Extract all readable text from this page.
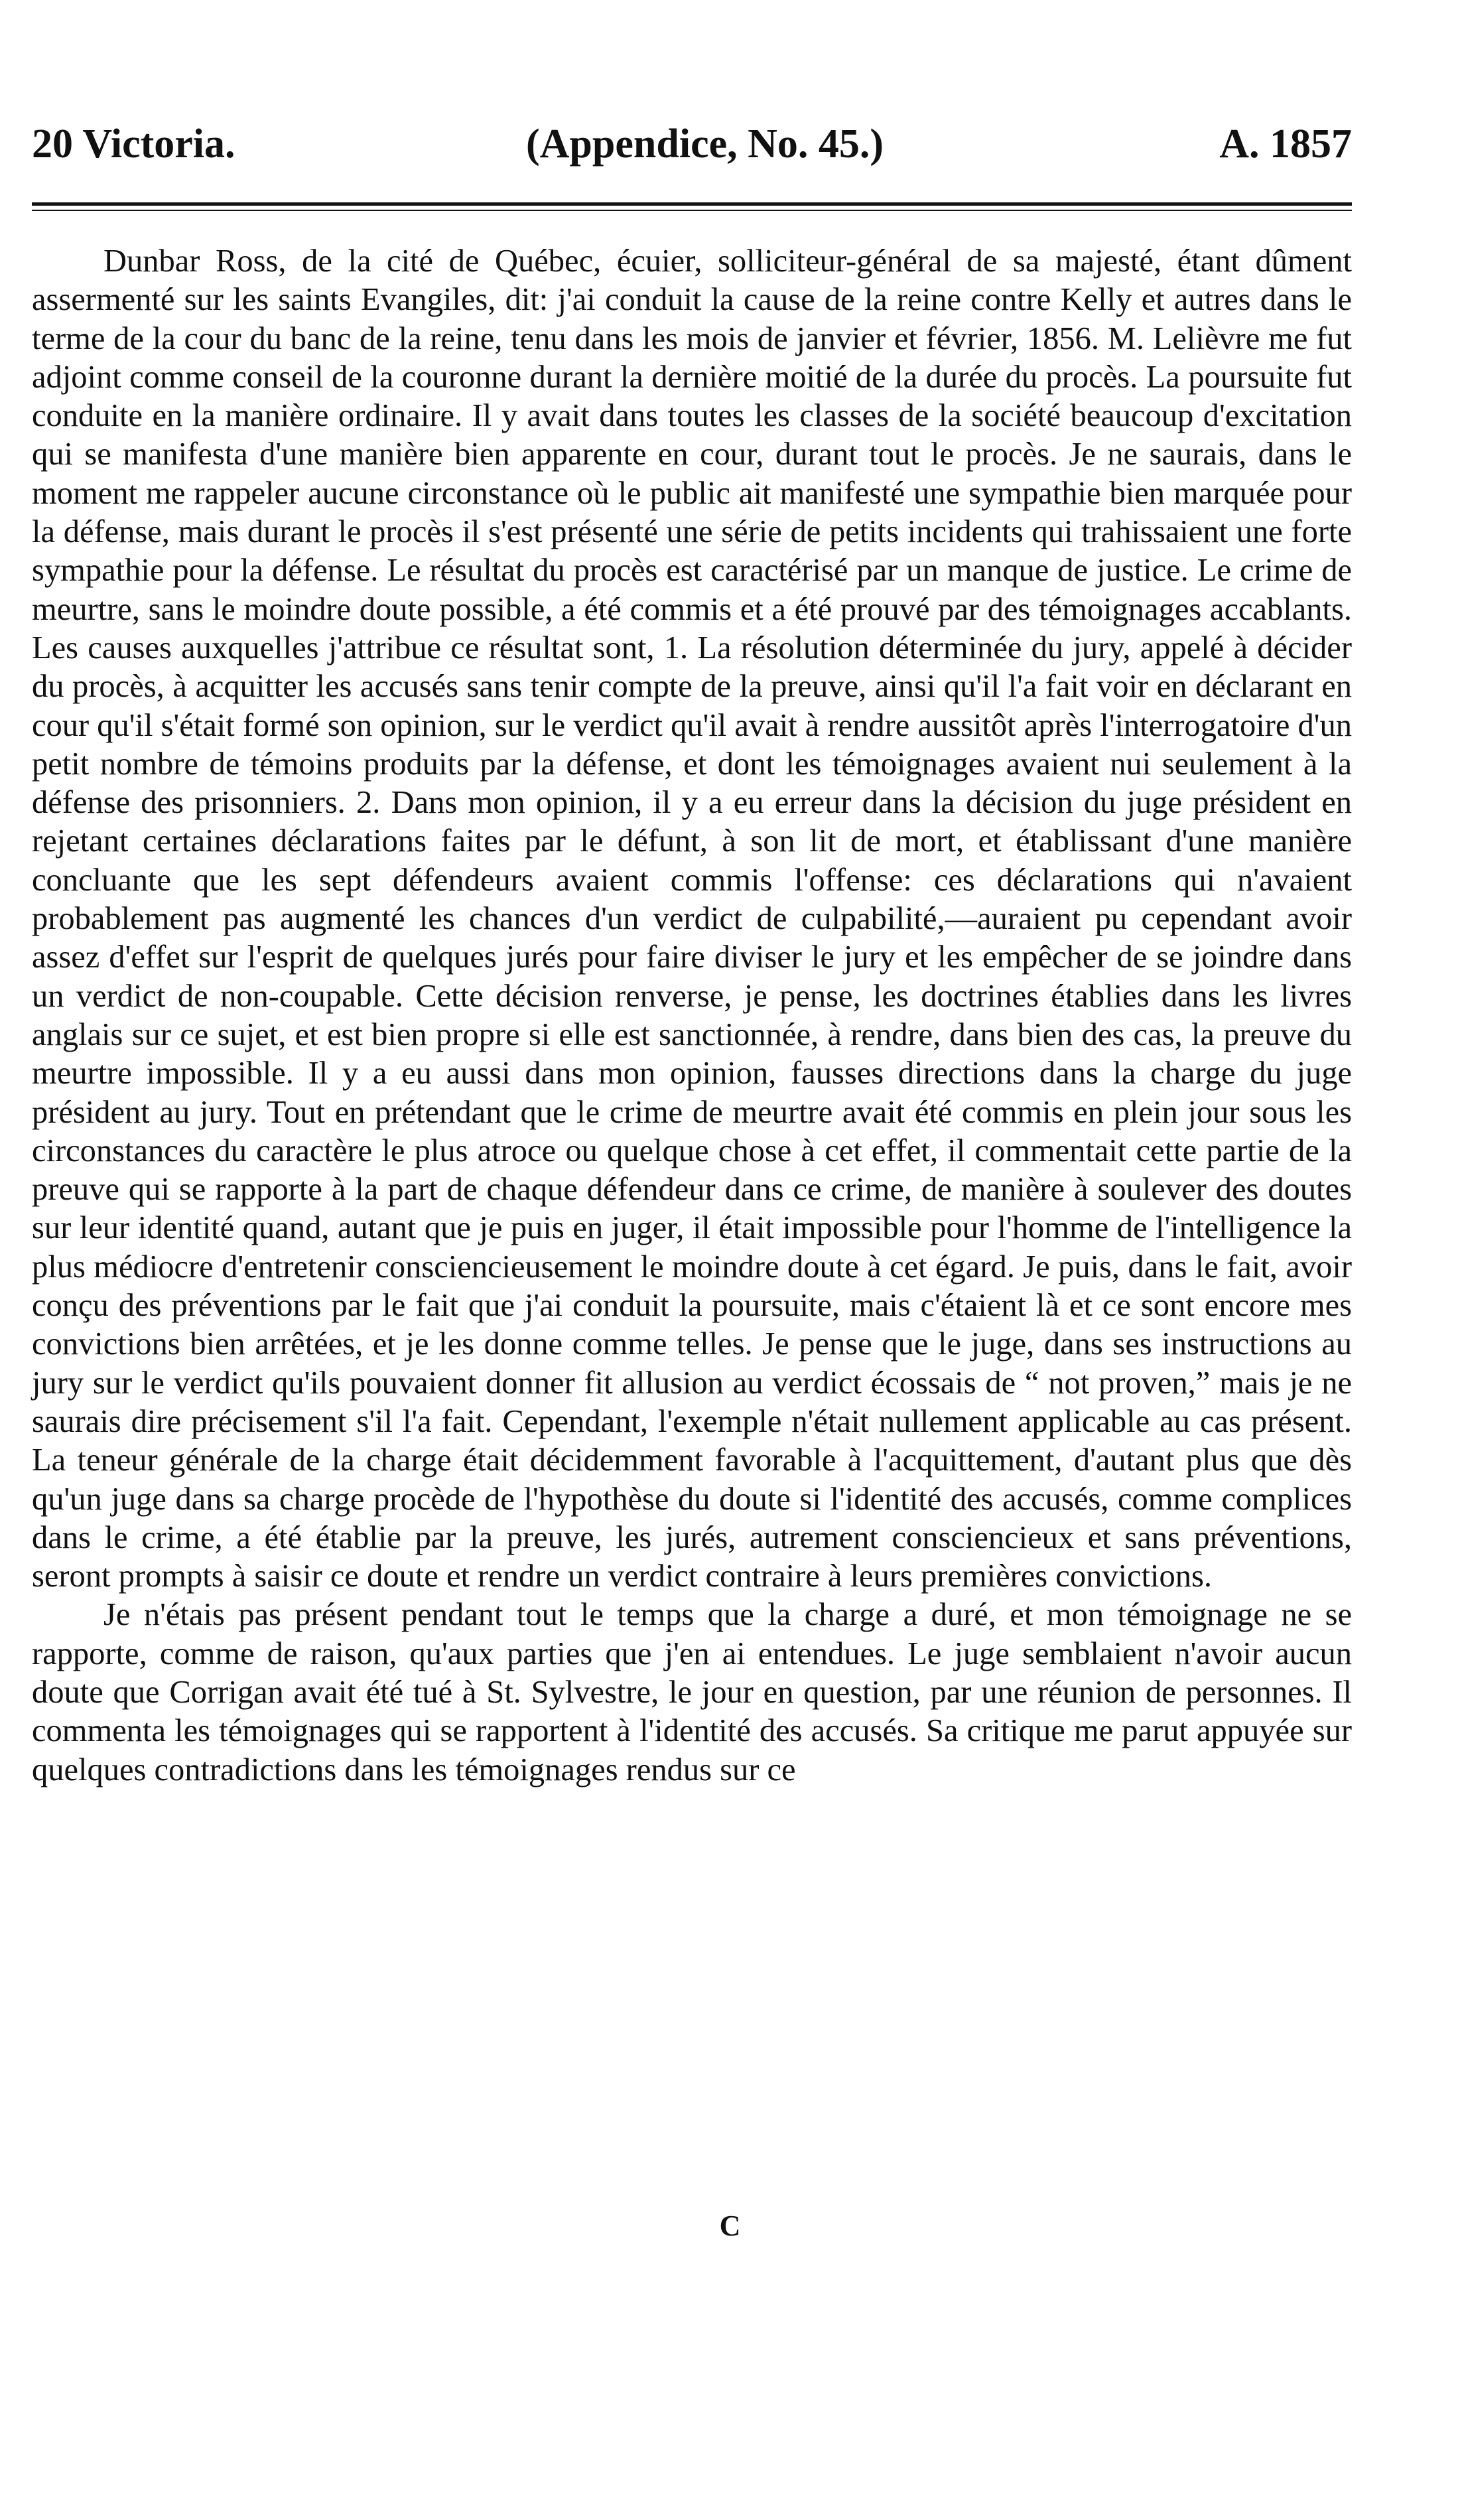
20 Victoria.	(Appendice, No. 45.)	A. 1857

Dunbar Ross, de la cité de Québec, écuier, solliciteur-général de sa majesté, étant dûment assermenté sur les saints Evangiles, dit: j'ai conduit la cause de la reine contre Kelly et autres dans le terme de la cour du banc de la reine, tenu dans les mois de janvier et février, 1856. M. Lelièvre me fut adjoint comme conseil de la couronne durant la dernière moitié de la durée du procès. La poursuite fut conduite en la manière ordinaire. Il y avait dans toutes les classes de la société beaucoup d'excitation qui se manifesta d'une manière bien apparente en cour, durant tout le procès. Je ne saurais, dans le moment me rappeler aucune circonstance où le public ait manifesté une sympathie bien marquée pour la défense, mais durant le procès il s'est présenté une série de petits incidents qui trahissaient une forte sympathie pour la défense. Le résultat du procès est caractérisé par un manque de justice. Le crime de meurtre, sans le moindre doute possible, a été commis et a été prouvé par des témoignages accablants. Les causes auxquelles j'attribue ce résultat sont, 1. La résolution déterminée du jury, appelé à décider du procès, à acquitter les accusés sans tenir compte de la preuve, ainsi qu'il l'a fait voir en déclarant en cour qu'il s'était formé son opinion, sur le verdict qu'il avait à rendre aussitôt après l'interrogatoire d'un petit nombre de témoins produits par la défense, et dont les témoignages avaient nui seulement à la défense des prisonniers. 2. Dans mon opinion, il y a eu erreur dans la décision du juge président en rejetant certaines déclarations faites par le défunt, à son lit de mort, et établissant d'une manière concluante que les sept défendeurs avaient commis l'offense: ces déclarations qui n'avaient probablement pas augmenté les chances d'un verdict de culpabilité,—auraient pu cependant avoir assez d'effet sur l'esprit de quelques jurés pour faire diviser le jury et les empêcher de se joindre dans un verdict de non-coupable. Cette décision renverse, je pense, les doctrines établies dans les livres anglais sur ce sujet, et est bien propre si elle est sanctionnée, à rendre, dans bien des cas, la preuve du meurtre impossible. Il y a eu aussi dans mon opinion, fausses directions dans la charge du juge président au jury. Tout en prétendant que le crime de meurtre avait été commis en plein jour sous les circonstances du caractère le plus atroce ou quelque chose à cet effet, il commentait cette partie de la preuve qui se rapporte à la part de chaque défendeur dans ce crime, de manière à soulever des doutes sur leur identité quand, autant que je puis en juger, il était impossible pour l'homme de l'intelligence la plus médiocre d'entretenir consciencieusement le moindre doute à cet égard. Je puis, dans le fait, avoir conçu des préventions par le fait que j'ai conduit la poursuite, mais c'étaient là et ce sont encore mes convictions bien arrêtées, et je les donne comme telles. Je pense que le juge, dans ses instructions au jury sur le verdict qu'ils pouvaient donner fit allusion au verdict écossais de “ not proven,” mais je ne saurais dire précisement s'il l'a fait. Cependant, l'exemple n'était nullement applicable au cas présent. La teneur générale de la charge était décidemment favorable à l'acquittement, d'autant plus que dès qu'un juge dans sa charge procède de l'hypothèse du doute si l'identité des accusés, comme complices dans le crime, a été établie par la preuve, les jurés, autrement consciencieux et sans préventions, seront prompts à saisir ce doute et rendre un verdict contraire à leurs premières convictions.

Je n'étais pas présent pendant tout le temps que la charge a duré, et mon témoignage ne se rapporte, comme de raison, qu'aux parties que j'en ai entendues. Le juge semblaient n'avoir aucun doute que Corrigan avait été tué à St. Sylvestre, le jour en question, par une réunion de personnes. Il commenta les témoignages qui se rapportent à l'identité des accusés. Sa critique me parut appuyée sur quelques contradictions dans les témoignages rendus sur ce

C
